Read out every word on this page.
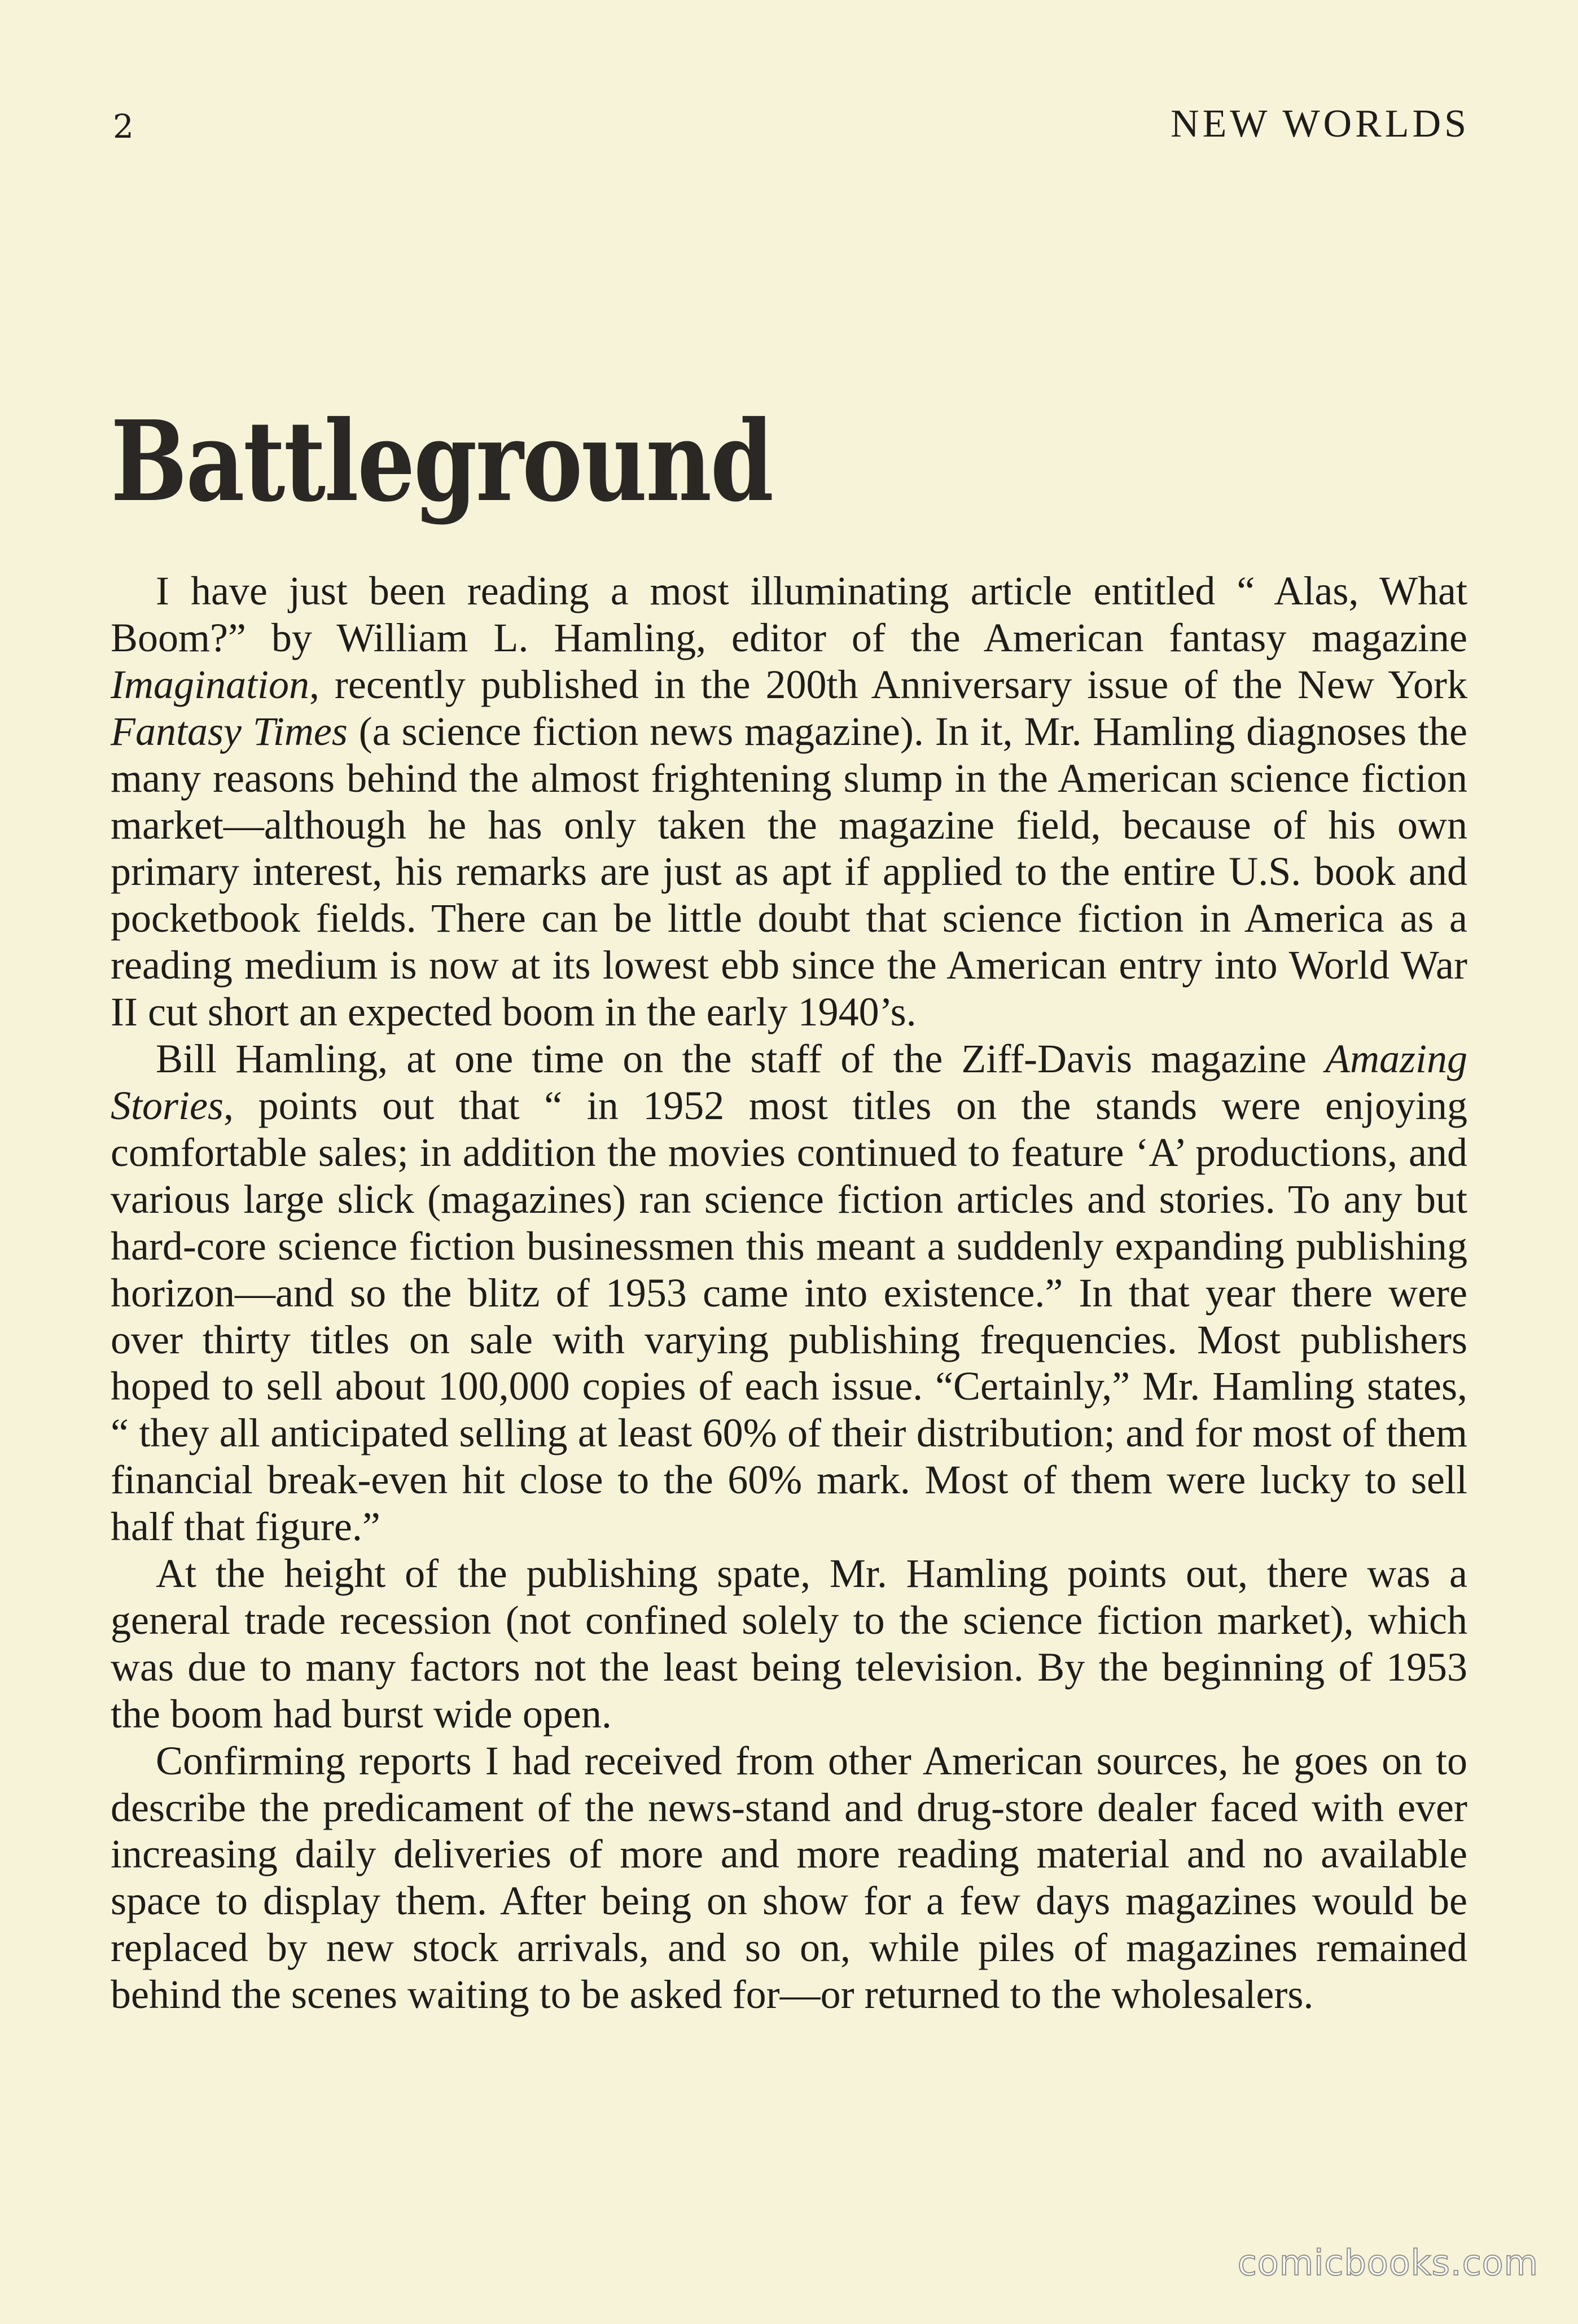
2	NEW WORLDS
Battleground

I have just been reading a most illuminating article entitled “ Alas, What Boom?” by William L. Hamling, editor of the American fantasy magazine Imagination, recently published in the 200th Anniversary issue of the New York Fantasy Times (a science fiction news magazine). In it, Mr. Hamling diagnoses the many reasons behind the almost frightening slump in the American science fiction market—although he has only taken the magazine field, because of his own primary interest, his remarks are just as apt if applied to the entire U.S. book and pocketbook fields. There can be little doubt that science fiction in America as a reading medium is now at its lowest ebb since the American entry into World War II cut short an expected boom in the early 1940’s.

Bill Hamling, at one time on the staff of the Ziff-Davis magazine Amazing Stories, points out that “ in 1952 most titles on the stands were enjoying comfortable sales; in addition the movies continued to feature ‘A’ productions, and various large slick (magazines) ran science fiction articles and stories. To any but hard-core science fiction businessmen this meant a suddenly expanding publishing horizon—and so the blitz of 1953 came into existence.” In that year there were over thirty titles on sale with varying publishing frequencies. Most publishers hoped to sell about 100,000 copies of each issue. “Certainly,” Mr. Hamling states, “ they all anticipated selling at least 60% of their distribution; and for most of them financial break-even hit close to the 60% mark. Most of them were lucky to sell half that figure.”

At the height of the publishing spate, Mr. Hamling points out, there was a general trade recession (not confined solely to the science fiction market), which was due to many factors not the least being television. By the beginning of 1953 the boom had burst wide open.

Confirming reports I had received from other American sources, he goes on to describe the predicament of the news-stand and drug-store dealer faced with ever increasing daily deliveries of more and more reading material and no available space to display them. After being on show for a few days magazines would be replaced by new stock arrivals, and so on, while piles of magazines remained behind the scenes waiting to be asked for—or returned to the wholesalers.

comicbooks.com
